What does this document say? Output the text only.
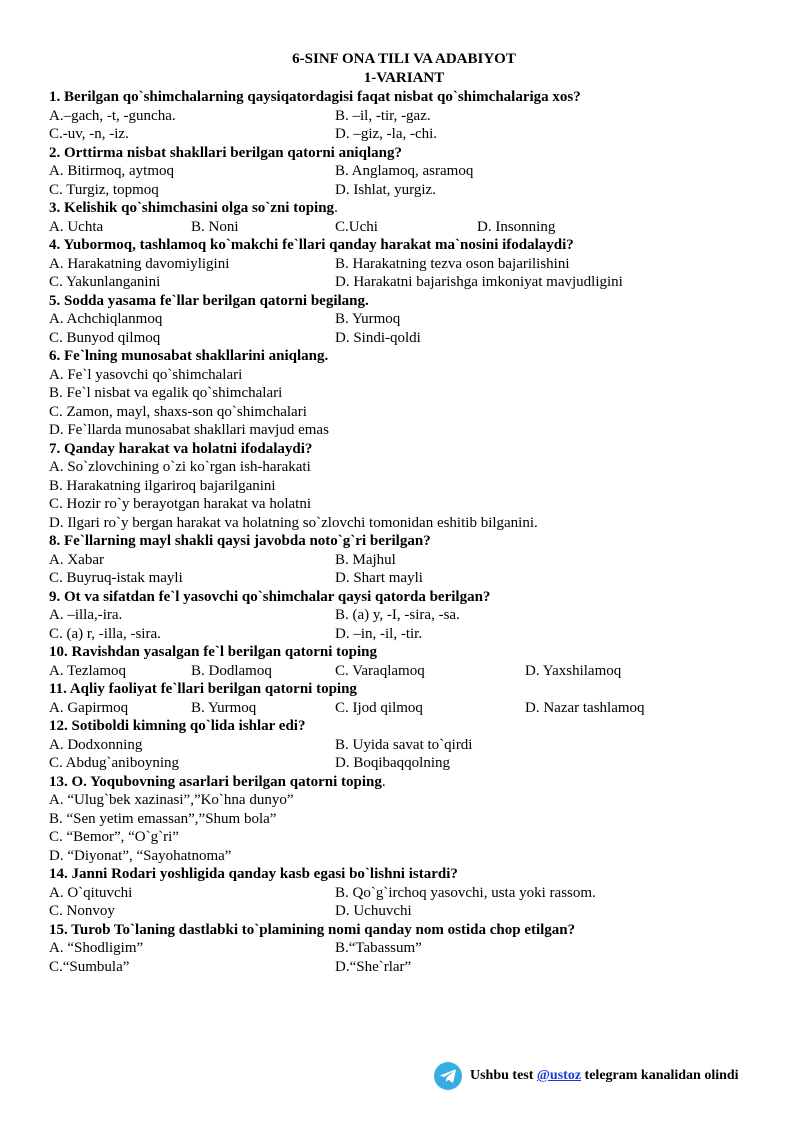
6-SINF ONA TILI VA ADABIYOT
1-VARIANT
1. Berilgan qo`shimchalarning qaysiqatordagisi faqat nisbat qo`shimchalariga xos?
A.–gach, -t, -guncha.	B. –il, -tir, -gaz.
C.-uv, -n, -iz.	D. –giz, -la, -chi.
2. Orttirma nisbat shakllari berilgan qatorni aniqlang?
A. Bitirmoq, aytmoq	B. Anglamoq, asramoq
C. Turgiz, topmoq	D. Ishlat, yurgiz.
3. Kelishik qo`shimchasini olga so`zni toping.
A. Uchta	B. Noni	C.Uchi	D. Insonning
4. Yubormoq, tashlamoq ko`makchi fe`llari qanday harakat ma`nosini ifodalaydi?
A. Harakatning davomiyligini	B. Harakatning tezva oson bajarilishini
C. Yakunlanganini	D. Harakatni bajarishga imkoniyat mavjudligini
5. Sodda yasama fe`llar berilgan qatorni begilang.
A. Achchiqlanmoq	B. Yurmoq
C. Bunyod qilmoq	D. Sindi-qoldi
6. Fe`lning munosabat shakllarini aniqlang.
A. Fe`l yasovchi qo`shimchalari
B. Fe`l nisbat va egalik qo`shimchalari
C. Zamon, mayl, shaxs-son qo`shimchalari
D. Fe`llarda munosabat shakllari mavjud emas
7. Qanday harakat va holatni ifodalaydi?
A. So`zlovchining o`zi ko`rgan ish-harakati
B. Harakatning ilgariroq bajarilganini
C. Hozir ro`y berayotgan harakat va holatni
D. Ilgari ro`y bergan harakat va holatning so`zlovchi tomonidan eshitib bilganini.
8. Fe`llarning mayl shakli qaysi javobda noto`g`ri berilgan?
A. Xabar	B. Majhul
C. Buyruq-istak mayli	D. Shart mayli
9. Ot va sifatdan fe`l yasovchi qo`shimchalar qaysi qatorda berilgan?
A. –illa,-ira.	B. (a) y, -I, -sira, -sa.
C. (a) r, -illa, -sira.	D. –in, -il, -tir.
10. Ravishdan yasalgan fe`l berilgan qatorni toping
A. Tezlamoq	B. Dodlamoq	C. Varaqlamoq	D. Yaxshilamoq
11. Aqliy faoliyat fe`llari berilgan qatorni toping
A. Gapirmoq	B. Yurmoq	C. Ijod qilmoq	D. Nazar tashlamoq
12. Sotiboldi kimning qo`lida ishlar edi?
A. Dodxonning	B. Uyida savat to`qirdi
C. Abdug`aniboyning	D. Boqibaqqolning
13. O. Yoqubovning asarlari berilgan qatorni toping.
A. “Ulug`bek xazinasi”,”Ko`hna dunyo”
B. “Sen yetim emassan”,”Shum bola”
C. “Bemor”, “O`g`ri”
D. “Diyonat”, “Sayohatnoma”
14. Janni Rodari yoshligida qanday kasb egasi bo`lishni istardi?
A. O`qituvchi	B. Qo`g`irchoq yasovchi, usta yoki rassom.
C. Nonvoy	D. Uchuvchi
15. Turob To`laning dastlabki to`plamining nomi qanday nom ostida chop etilgan?
A. “Shodligim”	B.“Tabassum”
C.“Sumbula”	D.“She`rlar”
Ushbu test
@ustoz
telegram kanalidan olindi
